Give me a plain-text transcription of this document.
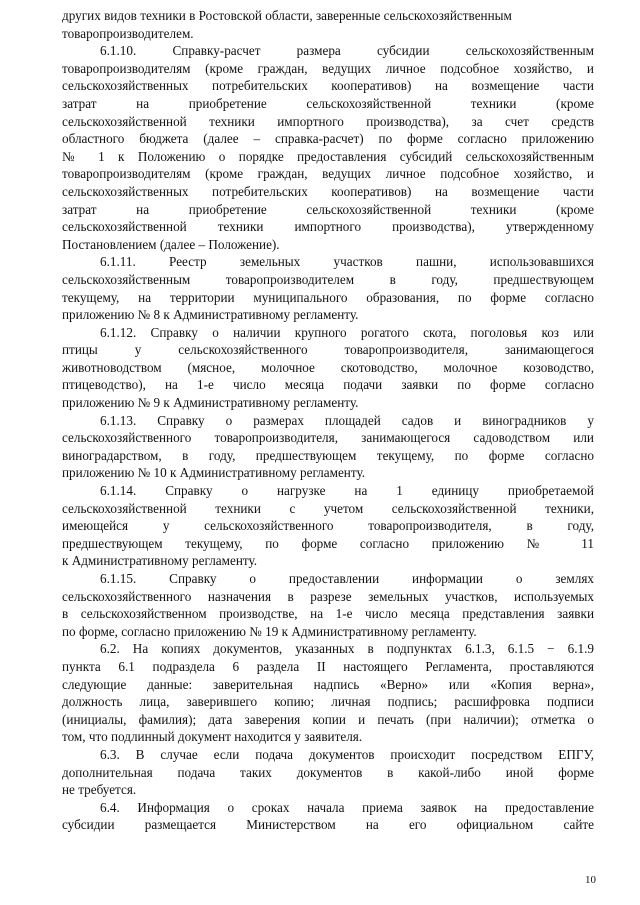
других видов техники в Ростовской области, заверенные сельскохозяйственным
товаропроизводителем.
6.1.10. Справку-расчет размера субсидии сельскохозяйственным
товаропроизводителям (кроме граждан, ведущих личное подсобное хозяйство, и
сельскохозяйственных потребительских кооперативов) на возмещение части
затрат на приобретение сельскохозяйственной техники (кроме
сельскохозяйственной техники импортного производства), за счет средств
областного бюджета (далее – справка-расчет) по форме согласно приложению
№ 1 к Положению о порядке предоставления субсидий сельскохозяйственным
товаропроизводителям (кроме граждан, ведущих личное подсобное хозяйство, и
сельскохозяйственных потребительских кооперативов) на возмещение части
затрат на приобретение сельскохозяйственной техники (кроме
сельскохозяйственной техники импортного производства), утвержденному
Постановлением (далее – Положение).
6.1.11. Реестр земельных участков пашни, использовавшихся
сельскохозяйственным товаропроизводителем в году, предшествующем
текущему, на территории муниципального образования, по форме согласно
приложению № 8 к Административному регламенту.
6.1.12. Справку о наличии крупного рогатого скота, поголовья коз или
птицы у сельскохозяйственного товаропроизводителя, занимающегося
животноводством (мясное, молочное скотоводство, молочное козоводство,
птицеводство), на 1-е число месяца подачи заявки по форме согласно
приложению № 9 к Административному регламенту.
6.1.13. Справку о размерах площадей садов и виноградников у
сельскохозяйственного товаропроизводителя, занимающегося садоводством или
виноградарством, в году, предшествующем текущему, по форме согласно
приложению № 10 к Административному регламенту.
6.1.14. Справку о нагрузке на 1 единицу приобретаемой
сельскохозяйственной техники с учетом сельскохозяйственной техники,
имеющейся у сельскохозяйственного товаропроизводителя, в году,
предшествующем текущему, по форме согласно приложению № 11
к Административному регламенту.
6.1.15. Справку о предоставлении информации о землях
сельскохозяйственного назначения в разрезе земельных участков, используемых
в сельскохозяйственном производстве, на 1-е число месяца представления заявки
по форме, согласно приложению № 19 к Административному регламенту.
6.2. На копиях документов, указанных в подпунктах 6.1.3, 6.1.5 − 6.1.9
пункта 6.1 подраздела 6 раздела II настоящего Регламента, проставляются
следующие данные: заверительная надпись «Верно» или «Копия верна»,
должность лица, заверившего копию; личная подпись; расшифровка подписи
(инициалы, фамилия); дата заверения копии и печать (при наличии); отметка о
том, что подлинный документ находится у заявителя.
6.3. В случае если подача документов происходит посредством ЕПГУ,
дополнительная подача таких документов в какой-либо иной форме
не требуется.
6.4. Информация о сроках начала приема заявок на предоставление
субсидии размещается Министерством на его официальном сайте
10
